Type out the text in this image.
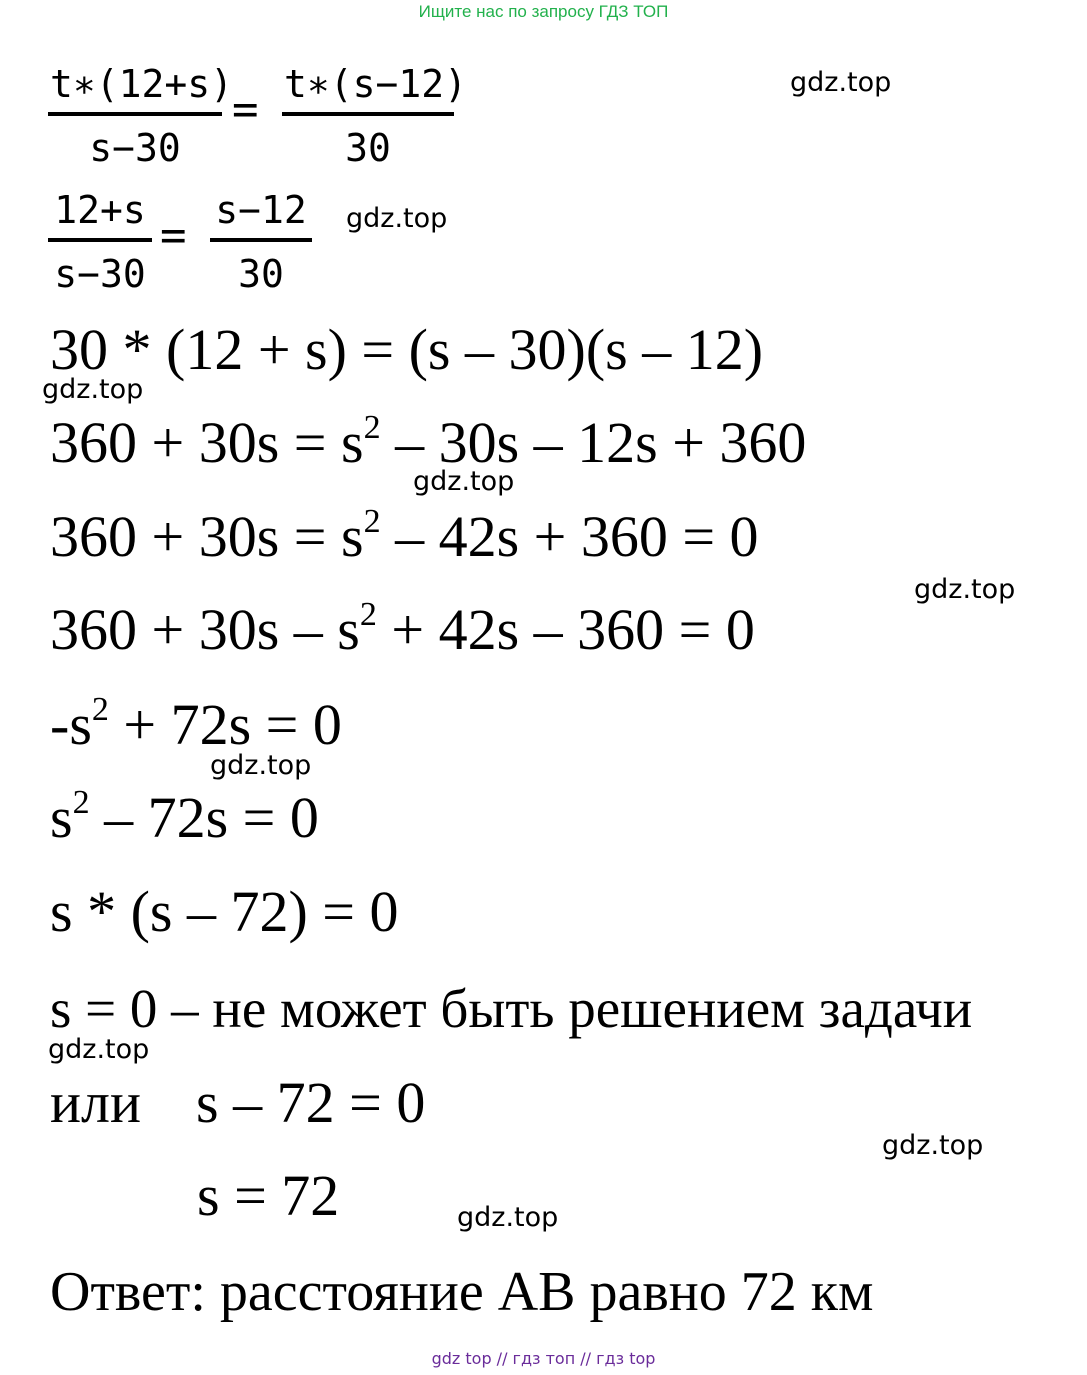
Ищите нас по запросу ГДЗ ТОП
$\frac{t∗(12+s)}{s-30} = \frac{t∗(s-12)}{30}$	gdz.top
$\frac{12+s}{s-30} = \frac{s-12}{30} gdz.top$
30 * (12 + s) = (s – 30)(s – 12)
gdz.top
$360 + 30s = s^2 - 30s - 12s + 360$
gdz.top
$360 + 30s = s^2 - 42s + 360 = 0$
gdz.top
$360 + 30s - s^2 + 42s - 360 = 0$
$-s^2 + 72s = 0$
gdz.top
$s^2 - 72s = 0$
s * (s – 72) = 0
s = 0 – не может быть решением задачи
gdz.top
или s – 72 = 0
gdz.top
s = 72	gdz.top
Ответ: расстояние АВ равно 72 км
gdz top // гдз топ // гдз top
